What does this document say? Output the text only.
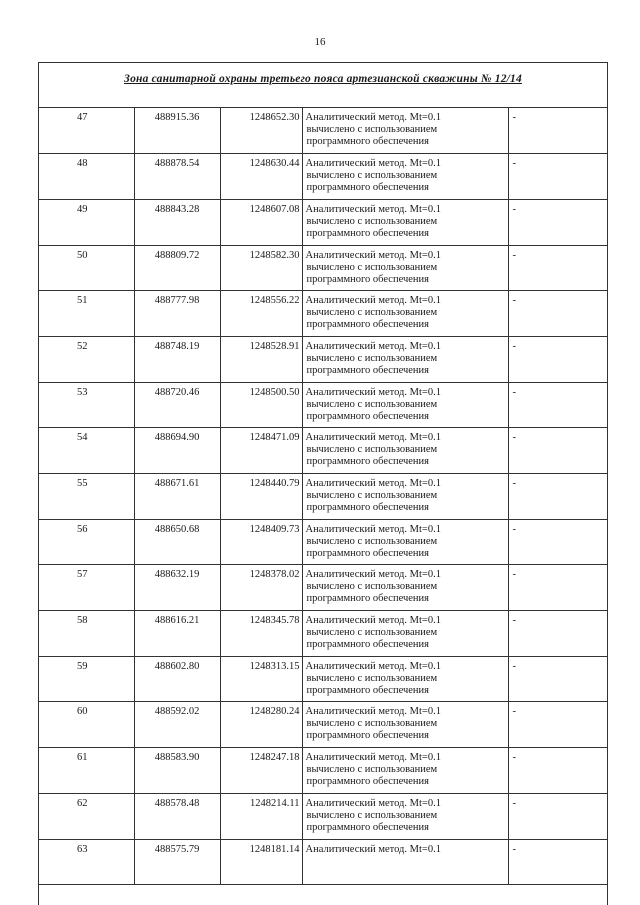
16
Зона санитарной охраны третьего пояса артезианской скважины № 12/14
47	488915.36	1248652.30	Аналитический метод. Mt=0.1
вычислено с использованием
программного обеспечения	-
48	488878.54	1248630.44	Аналитический метод. Mt=0.1
вычислено с использованием
программного обеспечения	-
49	488843.28	1248607.08	Аналитический метод. Mt=0.1
вычислено с использованием
программного обеспечения	-
50	488809.72	1248582.30	Аналитический метод. Mt=0.1
вычислено с использованием
программного обеспечения	-
51	488777.98	1248556.22	Аналитический метод. Mt=0.1
вычислено с использованием
программного обеспечения	-
52	488748.19	1248528.91	Аналитический метод. Mt=0.1
вычислено с использованием
программного обеспечения	-
53	488720.46	1248500.50	Аналитический метод. Mt=0.1
вычислено с использованием
программного обеспечения	-
54	488694.90	1248471.09	Аналитический метод. Mt=0.1
вычислено с использованием
программного обеспечения	-
55	488671.61	1248440.79	Аналитический метод. Mt=0.1
вычислено с использованием
программного обеспечения	-
56	488650.68	1248409.73	Аналитический метод. Mt=0.1
вычислено с использованием
программного обеспечения	-
57	488632.19	1248378.02	Аналитический метод. Mt=0.1
вычислено с использованием
программного обеспечения	-
58	488616.21	1248345.78	Аналитический метод. Mt=0.1
вычислено с использованием
программного обеспечения	-
59	488602.80	1248313.15	Аналитический метод. Mt=0.1
вычислено с использованием
программного обеспечения	-
60	488592.02	1248280.24	Аналитический метод. Mt=0.1
вычислено с использованием
программного обеспечения	-
61	488583.90	1248247.18	Аналитический метод. Mt=0.1
вычислено с использованием
программного обеспечения	-
62	488578.48	1248214.11	Аналитический метод. Mt=0.1
вычислено с использованием
программного обеспечения	-
63	488575.79	1248181.14	Аналитический метод. Mt=0.1	-
